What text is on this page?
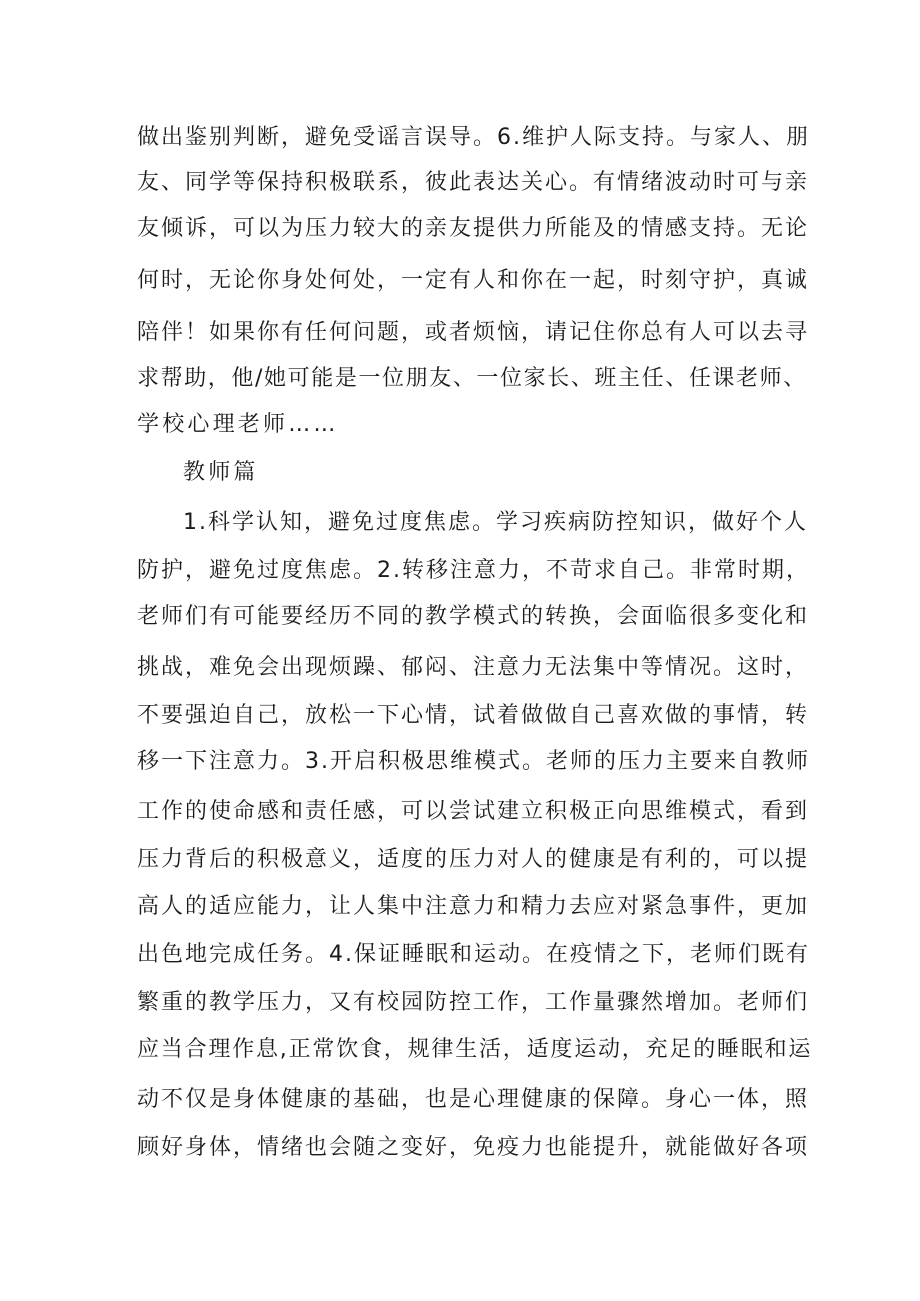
做出鉴别判断，避免受谣言误导。6.维护人际支持。与家人、朋

友、同学等保持积极联系，彼此表达关心。有情绪波动时可与亲

友倾诉，可以为压力较大的亲友提供力所能及的情感支持。无论

何时，无论你身处何处，一定有人和你在一起，时刻守护，真诚

陪伴！如果你有任何问题，或者烦恼，请记住你总有人可以去寻

求帮助，他/她可能是一位朋友、一位家长、班主任、任课老师、

学校心理老师……

教师篇

1.科学认知，避免过度焦虑。学习疾病防控知识，做好个人

防护，避免过度焦虑。2.转移注意力，不苛求自己。非常时期，

老师们有可能要经历不同的教学模式的转换，会面临很多变化和

挑战，难免会出现烦躁、郁闷、注意力无法集中等情况。这时，

不要强迫自己，放松一下心情，试着做做自己喜欢做的事情，转

移一下注意力。3.开启积极思维模式。老师的压力主要来自教师

工作的使命感和责任感，可以尝试建立积极正向思维模式，看到

压力背后的积极意义，适度的压力对人的健康是有利的，可以提

高人的适应能力，让人集中注意力和精力去应对紧急事件，更加

出色地完成任务。4.保证睡眠和运动。在疫情之下，老师们既有

繁重的教学压力，又有校园防控工作，工作量骤然增加。老师们

应当合理作息,正常饮食，规律生活，适度运动，充足的睡眠和运

动不仅是身体健康的基础，也是心理健康的保障。身心一体，照

顾好身体，情绪也会随之变好，免疫力也能提升，就能做好各项
